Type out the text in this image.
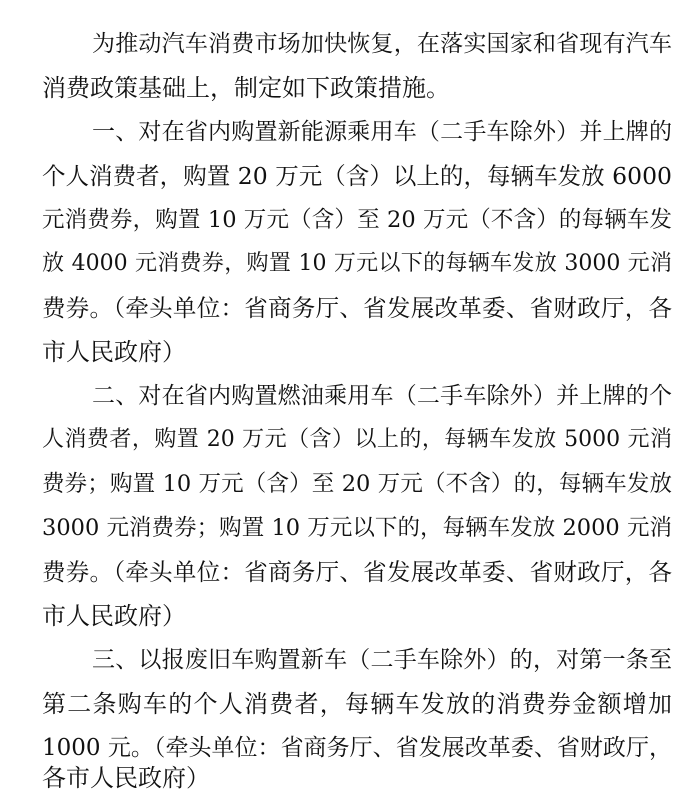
为推动汽车消费市场加快恢复，在落实国家和省现有汽车
消费政策基础上，制定如下政策措施。
一、对在省内购置新能源乘用车（二手车除外）并上牌的
个人消费者，购置 20 万元（含）以上的，每辆车发放 6000
元消费券，购置 10 万元（含）至 20 万元（不含）的每辆车发
放 4000 元消费券，购置 10 万元以下的每辆车发放 3000 元消
费券。（牵头单位：省商务厅、省发展改革委、省财政厅，各
市人民政府）
二、对在省内购置燃油乘用车（二手车除外）并上牌的个
人消费者，购置 20 万元（含）以上的，每辆车发放 5000 元消
费券；购置 10 万元（含）至 20 万元（不含）的，每辆车发放
3000 元消费券；购置 10 万元以下的，每辆车发放 2000 元消
费券。（牵头单位：省商务厅、省发展改革委、省财政厅，各
市人民政府）
三、以报废旧车购置新车（二手车除外）的，对第一条至
第二条购车的个人消费者，每辆车发放的消费券金额增加
1000 元。（牵头单位：省商务厅、省发展改革委、省财政厅，
各市人民政府）
